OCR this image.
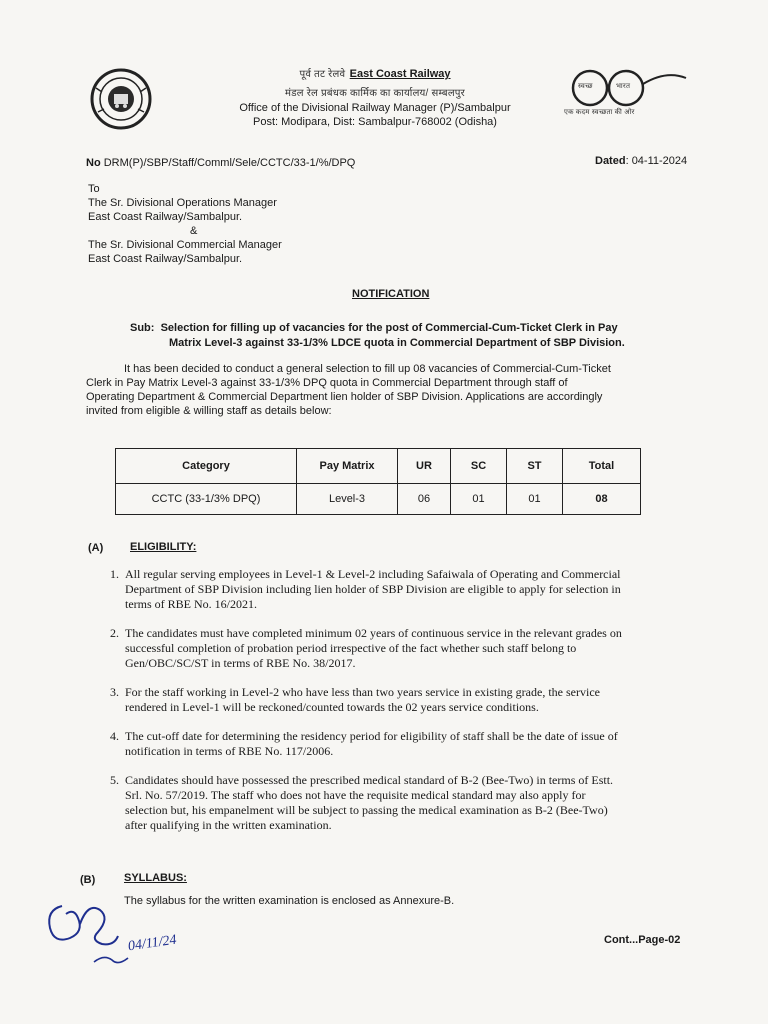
पूर्व तट रेलवे East Coast Railway
मंडल रेल प्रबंधक कार्मिक का कार्यालय/ सम्बलपुर
Office of the Divisional Railway Manager (P)/Sambalpur
Post: Modipara, Dist: Sambalpur-768002 (Odisha)
स्वच्छ	भारत
एक कदम स्वच्छता की ओर
No DRM(P)/SBP/Staff/Comml/Sele/CCTC/33-1/%/DPQ	Dated: 04-11-2024
To
The Sr. Divisional Operations Manager
East Coast Railway/Sambalpur.
&
The Sr. Divisional Commercial Manager
East Coast Railway/Sambalpur.
NOTIFICATION
Sub: Selection for filling up of vacancies for the post of Commercial-Cum-Ticket Clerk in Pay
Matrix Level-3 against 33-1/3% LDCE quota in Commercial Department of SBP Division.
It has been decided to conduct a general selection to fill up 08 vacancies of Commercial-Cum-Ticket
Clerk in Pay Matrix Level-3 against 33-1/3% DPQ quota in Commercial Department through staff of
Operating Department & Commercial Department lien holder of SBP Division. Applications are accordingly
invited from eligible & willing staff as details below:
Category	Pay Matrix	UR	SC	ST	Total
CCTC (33-1/3% DPQ)	Level-3	06	01	01	08
(A) ELIGIBILITY:
1. All regular serving employees in Level-1 & Level-2 including Safaiwala of Operating and Commercial
Department of SBP Division including lien holder of SBP Division are eligible to apply for selection in
terms of RBE No. 16/2021.
2. The candidates must have completed minimum 02 years of continuous service in the relevant grades on
successful completion of probation period irrespective of the fact whether such staff belong to
Gen/OBC/SC/ST in terms of RBE No. 38/2017.
3. For the staff working in Level-2 who have less than two years service in existing grade, the service
rendered in Level-1 will be reckoned/counted towards the 02 years service conditions.
4. The cut-off date for determining the residency period for eligibility of staff shall be the date of issue of
notification in terms of RBE No. 117/2006.
5. Candidates should have possessed the prescribed medical standard of B-2 (Bee-Two) in terms of Estt.
Srl. No. 57/2019. The staff who does not have the requisite medical standard may also apply for
selection but, his empanelment will be subject to passing the medical examination as B-2 (Bee-Two)
after qualifying in the written examination.
(B)	SYLLABUS:
The syllabus for the written examination is enclosed as Annexure-B.
04/11/24	Cont...Page-02
